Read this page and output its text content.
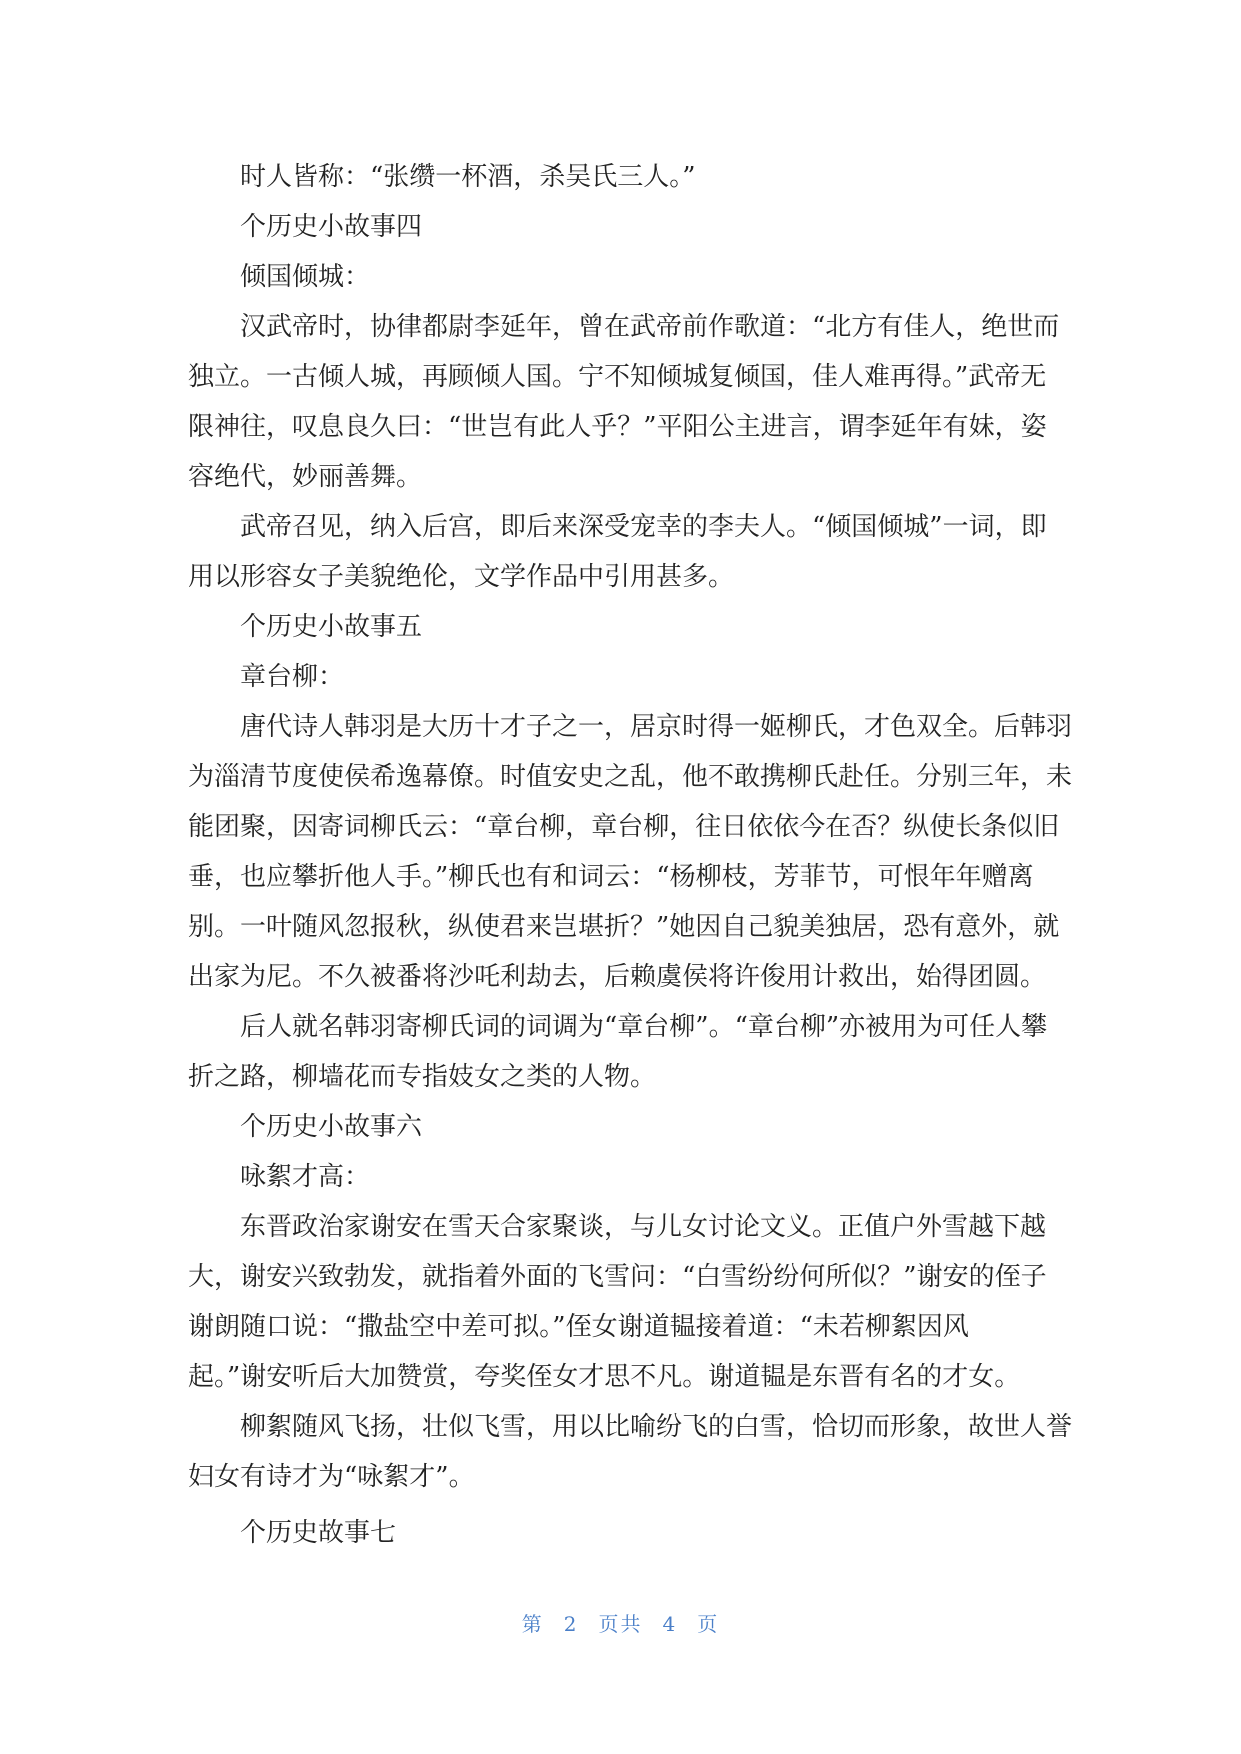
时人皆称：“张缵一杯酒，杀吴氏三人。”

个历史小故事四

倾国倾城：

汉武帝时，协律都尉李延年，曾在武帝前作歌道：“北方有佳人，绝世而

独立。一古倾人城，再顾倾人国。宁不知倾城复倾国，佳人难再得。”武帝无

限神往，叹息良久曰：“世岂有此人乎？”平阳公主进言，谓李延年有妹，姿

容绝代，妙丽善舞。

武帝召见，纳入后宫，即后来深受宠幸的李夫人。“倾国倾城”一词，即

用以形容女子美貌绝伦，文学作品中引用甚多。

个历史小故事五

章台柳：

唐代诗人韩羽是大历十才子之一，居京时得一姬柳氏，才色双全。后韩羽

为淄清节度使侯希逸幕僚。时值安史之乱，他不敢携柳氏赴任。分别三年，未

能团聚，因寄词柳氏云：“章台柳，章台柳，往日依依今在否？纵使长条似旧

垂，也应攀折他人手。”柳氏也有和词云：“杨柳枝，芳菲节，可恨年年赠离

别。一叶随风忽报秋，纵使君来岂堪折？”她因自己貌美独居，恐有意外，就

出家为尼。不久被番将沙吒利劫去，后赖虞侯将许俊用计救出，始得团圆。

后人就名韩羽寄柳氏词的词调为“章台柳”。“章台柳”亦被用为可任人攀

折之路，柳墙花而专指妓女之类的人物。

个历史小故事六

咏絮才高：

东晋政治家谢安在雪天合家聚谈，与儿女讨论文义。正值户外雪越下越

大，谢安兴致勃发，就指着外面的飞雪问：“白雪纷纷何所似？”谢安的侄子

谢朗随口说：“撒盐空中差可拟。”侄女谢道韫接着道：“未若柳絮因风

起。”谢安听后大加赞赏，夸奖侄女才思不凡。谢道韫是东晋有名的才女。

柳絮随风飞扬，壮似飞雪，用以比喻纷飞的白雪，恰切而形象，故世人誉

妇女有诗才为“咏絮才”。

个历史故事七

第 2 页共 4 页
